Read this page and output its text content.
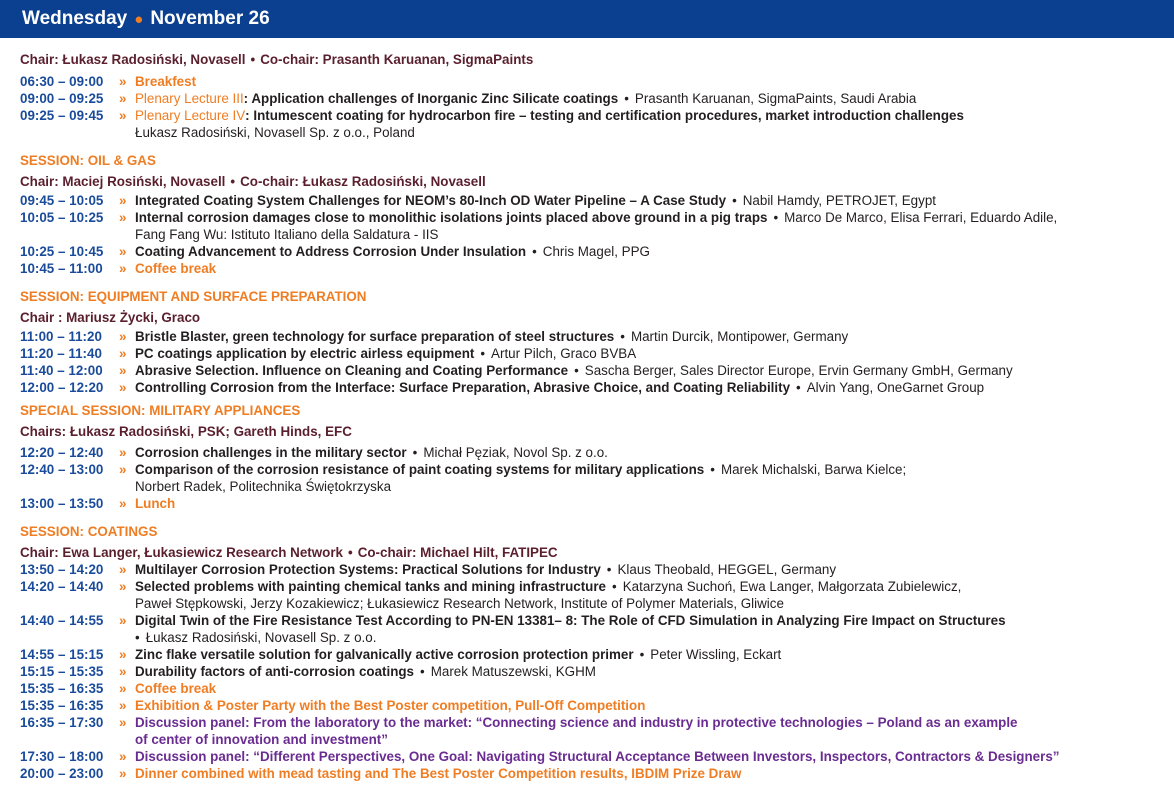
Wednesday ● November 26
Chair: Łukasz Radosiński, Novasell • Co-chair: Prasanth Karuanan, SigmaPaints
06:30 – 09:00	» Breakfest
09:00 – 09:25	» Plenary Lecture III: Application challenges of Inorganic Zinc Silicate coatings • Prasanth Karuanan, SigmaPaints, Saudi Arabia
09:25 – 09:45	» Plenary Lecture IV: Intumescent coating for hydrocarbon fire – testing and certification procedures, market introduction challenges
Łukasz Radosiński, Novasell Sp. z o.o., Poland
SESSION: OIL & GAS
Chair: Maciej Rosiński, Novasell • Co-chair: Łukasz Radosiński, Novasell
09:45 – 10:05	» Integrated Coating System Challenges for NEOM’s 80-Inch OD Water Pipeline – A Case Study • Nabil Hamdy, PETROJET, Egypt
10:05 – 10:25	» Internal corrosion damages close to monolithic isolations joints placed above ground in a pig traps • Marco De Marco, Elisa Ferrari, Eduardo Adile,
Fang Fang Wu: Istituto Italiano della Saldatura - IIS
10:25 – 10:45	» Coating Advancement to Address Corrosion Under Insulation • Chris Magel, PPG
10:45 – 11:00	» Coffee break
SESSION: EQUIPMENT AND SURFACE PREPARATION
Chair : Mariusz Życki, Graco
11:00 – 11:20	» Bristle Blaster, green technology for surface preparation of steel structures • Martin Durcik, Montipower, Germany
11:20 – 11:40	» PC coatings application by electric airless equipment • Artur Pilch, Graco BVBA
11:40 – 12:00	» Abrasive Selection. Influence on Cleaning and Coating Performance • Sascha Berger, Sales Director Europe, Ervin Germany GmbH, Germany
12:00 – 12:20	» Controlling Corrosion from the Interface: Surface Preparation, Abrasive Choice, and Coating Reliability • Alvin Yang, OneGarnet Group
SPECIAL SESSION: MILITARY APPLIANCES
Chairs: Łukasz Radosiński, PSK; Gareth Hinds, EFC
12:20 – 12:40	» Corrosion challenges in the military sector • Michał Pęziak, Novol Sp. z o.o.
12:40 – 13:00	» Comparison of the corrosion resistance of paint coating systems for military applications • Marek Michalski, Barwa Kielce;
Norbert Radek, Politechnika Świętokrzyska
13:00 – 13:50	» Lunch
SESSION: COATINGS
Chair: Ewa Langer, Łukasiewicz Research Network • Co-chair: Michael Hilt, FATIPEC
13:50 – 14:20	» Multilayer Corrosion Protection Systems: Practical Solutions for Industry • Klaus Theobald, HEGGEL, Germany
14:20 – 14:40	» Selected problems with painting chemical tanks and mining infrastructure • Katarzyna Suchoń, Ewa Langer, Małgorzata Zubielewicz,
Paweł Stępkowski, Jerzy Kozakiewicz; Łukasiewicz Research Network, Institute of Polymer Materials, Gliwice
14:40 – 14:55	» Digital Twin of the Fire Resistance Test According to PN-EN 13381– 8: The Role of CFD Simulation in Analyzing Fire Impact on Structures
• Łukasz Radosiński, Novasell Sp. z o.o.
14:55 – 15:15	» Zinc flake versatile solution for galvanically active corrosion protection primer • Peter Wissling, Eckart
15:15 – 15:35	» Durability factors of anti-corrosion coatings • Marek Matuszewski, KGHM
15:35 – 16:35	» Coffee break
15:35 – 16:35	» Exhibition & Poster Party with the Best Poster competition, Pull-Off Competition
16:35 – 17:30	» Discussion panel: From the laboratory to the market: “Connecting science and industry in protective technologies – Poland as an example
of center of innovation and investment”
17:30 – 18:00	» Discussion panel: “Different Perspectives, One Goal: Navigating Structural Acceptance Between Investors, Inspectors, Contractors & Designers”
20:00 – 23:00	» Dinner combined with mead tasting and The Best Poster Competition results, IBDIM Prize Draw
